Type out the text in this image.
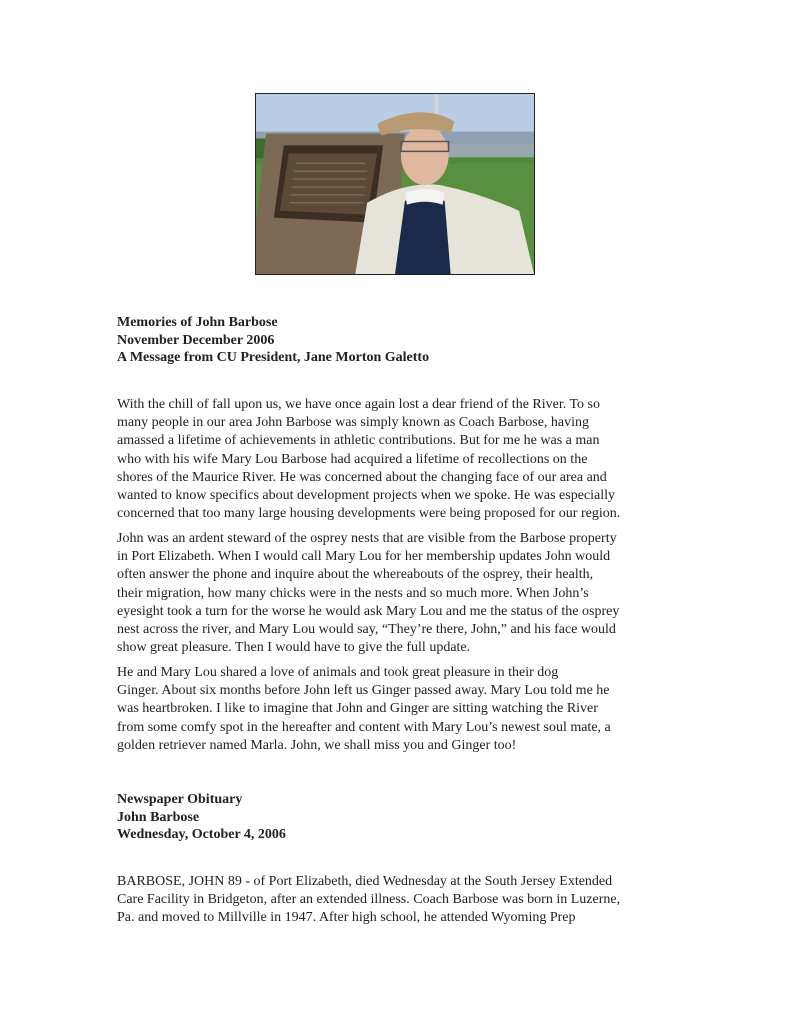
Memories of John Barbose
November December 2006
A Message from CU President, Jane Morton Galetto
With the chill of fall upon us, we have once again lost a dear friend of the River. To so
many people in our area John Barbose was simply known as Coach Barbose, having
amassed a lifetime of achievements in athletic contributions. But for me he was a man
who with his wife Mary Lou Barbose had acquired a lifetime of recollections on the
shores of the Maurice River. He was concerned about the changing face of our area and
wanted to know specifics about development projects when we spoke. He was especially
concerned that too many large housing developments were being proposed for our region.
John was an ardent steward of the osprey nests that are visible from the Barbose property
in Port Elizabeth. When I would call Mary Lou for her membership updates John would
often answer the phone and inquire about the whereabouts of the osprey, their health,
their migration, how many chicks were in the nests and so much more. When John’s
eyesight took a turn for the worse he would ask Mary Lou and me the status of the osprey
nest across the river, and Mary Lou would say, “They’re there, John,” and his face would
show great pleasure. Then I would have to give the full update.
He and Mary Lou shared a love of animals and took great pleasure in their dog
Ginger. About six months before John left us Ginger passed away. Mary Lou told me he
was heartbroken. I like to imagine that John and Ginger are sitting watching the River
from some comfy spot in the hereafter and content with Mary Lou’s newest soul mate, a
golden retriever named Marla. John, we shall miss you and Ginger too!
Newspaper Obituary
John Barbose
Wednesday, October 4, 2006
BARBOSE, JOHN 89 - of Port Elizabeth, died Wednesday at the South Jersey Extended
Care Facility in Bridgeton, after an extended illness. Coach Barbose was born in Luzerne,
Pa. and moved to Millville in 1947. After high school, he attended Wyoming Prep
